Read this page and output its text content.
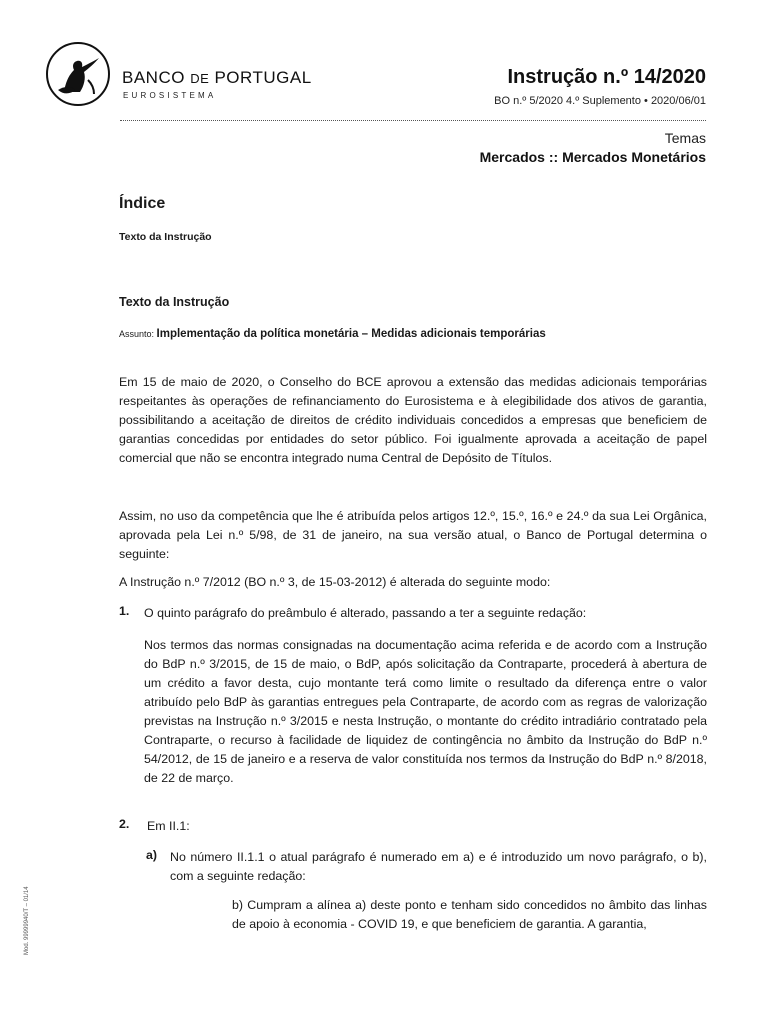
BANCO DE PORTUGAL
EUROSISTEMA
Instrução n.º 14/2020
BO n.º 5/2020 4.º Suplemento • 2020/06/01
Temas
Mercados :: Mercados Monetários
Índice
Texto da Instrução
Texto da Instrução
Assunto: Implementação da política monetária – Medidas adicionais temporárias
Em 15 de maio de 2020, o Conselho do BCE aprovou a extensão das medidas adicionais temporárias respeitantes às operações de refinanciamento do Eurosistema e à elegibilidade dos ativos de garantia, possibilitando a aceitação de direitos de crédito individuais concedidos a empresas que beneficiem de garantias concedidas por entidades do setor público. Foi igualmente aprovada a aceitação de papel comercial que não se encontra integrado numa Central de Depósito de Títulos.
Assim, no uso da competência que lhe é atribuída pelos artigos 12.º, 15.º, 16.º e 24.º da sua Lei Orgânica, aprovada pela Lei n.º 5/98, de 31 de janeiro, na sua versão atual, o Banco de Portugal determina o seguinte:
A Instrução n.º 7/2012 (BO n.º 3, de 15-03-2012) é alterada do seguinte modo:
1. O quinto parágrafo do preâmbulo é alterado, passando a ter a seguinte redação:
Nos termos das normas consignadas na documentação acima referida e de acordo com a Instrução do BdP n.º 3/2015, de 15 de maio, o BdP, após solicitação da Contraparte, procederá à abertura de um crédito a favor desta, cujo montante terá como limite o resultado da diferença entre o valor atribuído pelo BdP às garantias entregues pela Contraparte, de acordo com as regras de valorização previstas na Instrução n.º 3/2015 e nesta Instrução, o montante do crédito intradiário contratado pela Contraparte, o recurso à facilidade de liquidez de contingência no âmbito da Instrução do BdP n.º 54/2012, de 15 de janeiro e a reserva de valor constituída nos termos da Instrução do BdP n.º 8/2018, de 22 de março.
2. Em II.1:
a) No número II.1.1 o atual parágrafo é numerado em a) e é introduzido um novo parágrafo, o b), com a seguinte redação:
b) Cumpram a alínea a) deste ponto e tenham sido concedidos no âmbito das linhas de apoio à economia - COVID 19, e que beneficiem de garantia. A garantia,
Mod. 99999940/T – 01/14
